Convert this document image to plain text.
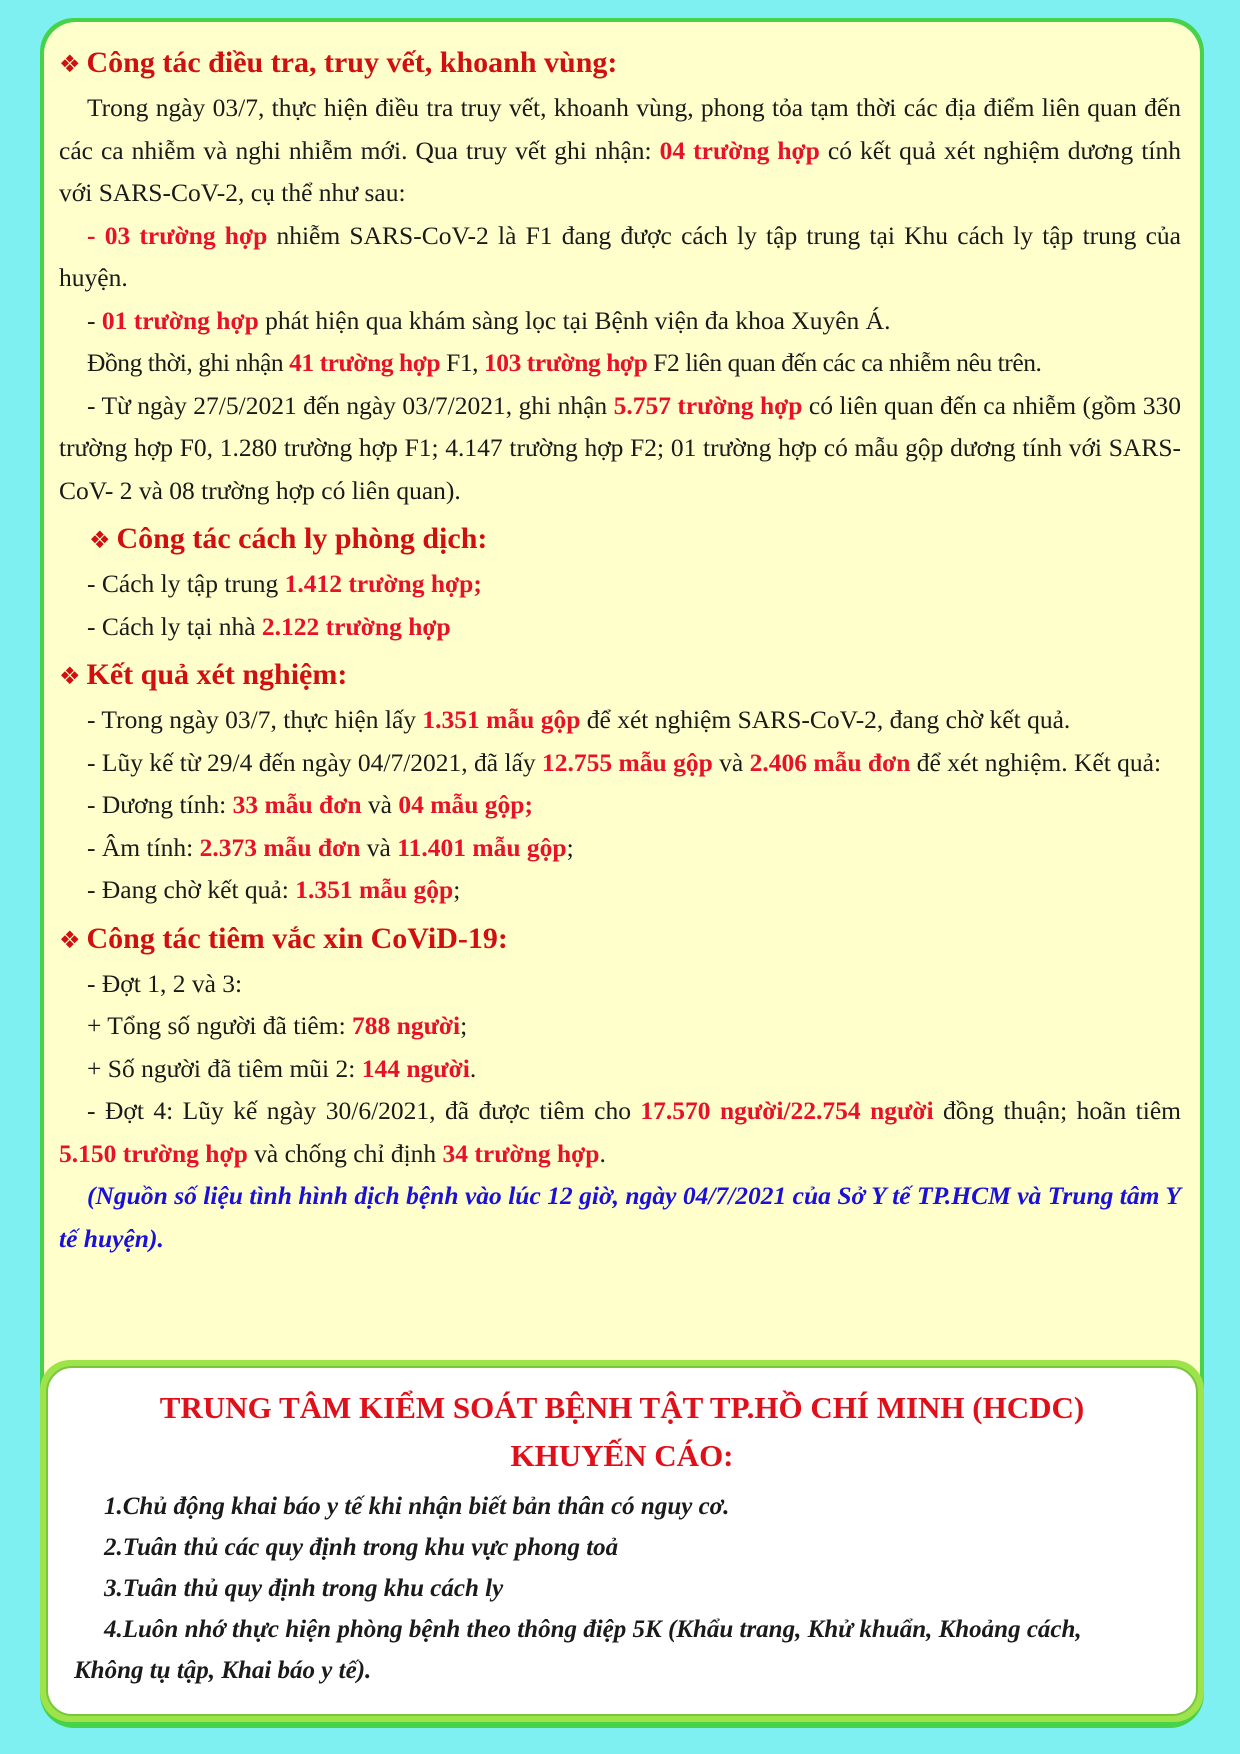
❖ Công tác điều tra, truy vết, khoanh vùng:

Trong ngày 03/7, thực hiện điều tra truy vết, khoanh vùng, phong tỏa tạm thời các địa điểm liên quan đến các ca nhiễm và nghi nhiễm mới. Qua truy vết ghi nhận: 04 trường hợp có kết quả xét nghiệm dương tính với SARS-CoV-2, cụ thể như sau:

- 03 trường hợp nhiễm SARS-CoV-2 là F1 đang được cách ly tập trung tại Khu cách ly tập trung của huyện.

- 01 trường hợp phát hiện qua khám sàng lọc tại Bệnh viện đa khoa Xuyên Á.

Đồng thời, ghi nhận 41 trường hợp F1, 103 trường hợp F2 liên quan đến các ca nhiễm nêu trên.

- Từ ngày 27/5/2021 đến ngày 03/7/2021, ghi nhận 5.757 trường hợp có liên quan đến ca nhiễm (gồm 330 trường hợp F0, 1.280 trường hợp F1; 4.147 trường hợp F2; 01 trường hợp có mẫu gộp dương tính với SARS-CoV- 2 và 08 trường hợp có liên quan).

❖ Công tác cách ly phòng dịch:

- Cách ly tập trung 1.412 trường hợp;

- Cách ly tại nhà 2.122 trường hợp

❖ Kết quả xét nghiệm:

- Trong ngày 03/7, thực hiện lấy 1.351 mẫu gộp để xét nghiệm SARS-CoV-2, đang chờ kết quả.

- Lũy kế từ 29/4 đến ngày 04/7/2021, đã lấy 12.755 mẫu gộp và 2.406 mẫu đơn để xét nghiệm. Kết quả:

- Dương tính: 33 mẫu đơn và 04 mẫu gộp;

- Âm tính: 2.373 mẫu đơn và 11.401 mẫu gộp;

- Đang chờ kết quả: 1.351 mẫu gộp;

❖ Công tác tiêm vắc xin CoViD-19:

- Đợt 1, 2 và 3:

+ Tổng số người đã tiêm: 788 người;

+ Số người đã tiêm mũi 2: 144 người.

- Đợt 4: Lũy kế ngày 30/6/2021, đã được tiêm cho 17.570 người/22.754 người đồng thuận; hoãn tiêm 5.150 trường hợp và chống chỉ định 34 trường hợp.

(Nguồn số liệu tình hình dịch bệnh vào lúc 12 giờ, ngày 04/7/2021 của Sở Y tế TP.HCM và Trung tâm Y tế huyện).

TRUNG TÂM KIỂM SOÁT BỆNH TẬT TP.HỒ CHÍ MINH (HCDC)
KHUYẾN CÁO:

1.Chủ động khai báo y tế khi nhận biết bản thân có nguy cơ.

2.Tuân thủ các quy định trong khu vực phong toả

3.Tuân thủ quy định trong khu cách ly

4.Luôn nhớ thực hiện phòng bệnh theo thông điệp 5K (Khẩu trang, Khử khuẩn, Khoảng cách, Không tụ tập, Khai báo y tế).
